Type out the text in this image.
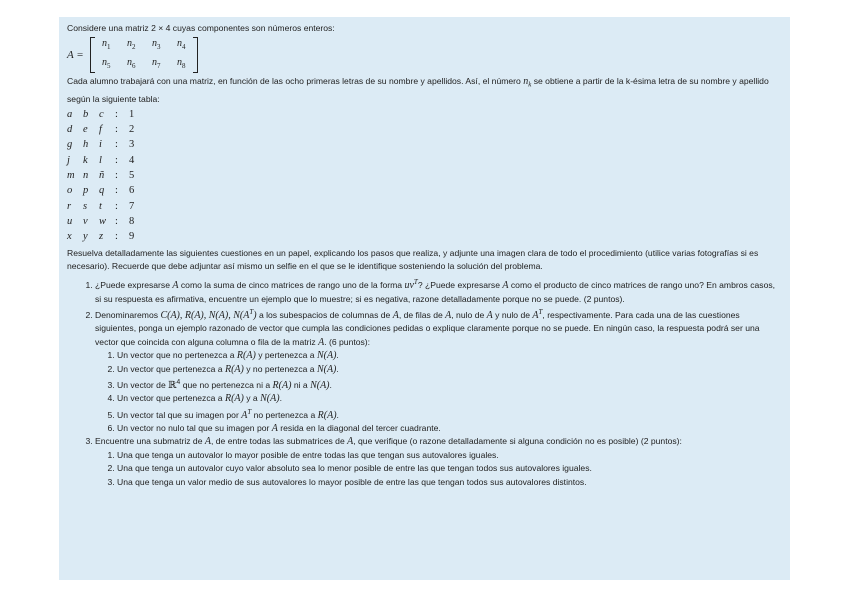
Considere una matriz 2 × 4 cuyas componentes son números enteros:

A =
$n_1$	$n_2$	$n_3$	$n_4$
$n_5$	$n_6$	$n_7$	$n_8$

Cada alumno trabajará con una matriz, en función de las ocho primeras letras de su nombre y apellidos. Así, el número $n_k$ se obtiene a partir de la k-ésima letra de su nombre y apellido según la siguiente tabla:

a	b	c	:	1
d	e	f	:	2
g	h	i	:	3
j	k	l	:	4
m	n	ñ	:	5
o	p	q	:	6
r	s	t	:	7
u	v	w	:	8
x	y	z	:	9

Resuelva detalladamente las siguientes cuestiones en un papel, explicando los pasos que realiza, y adjunte una imagen clara de todo el procedimiento (utilice varias fotografías si es necesario). Recuerde que debe adjuntar así mismo un selfie en el que se le identifique sosteniendo la solución del problema.

1. ¿Puede expresarse A como la suma de cinco matrices de rango uno de la forma $uv^T$? ¿Puede expresarse A como el producto de cinco matrices de rango uno? En ambros casos, si su respuesta es afirmativa, encuentre un ejemplo que lo muestre; si es negativa, razone detalladamente porque no se puede. (2 puntos).
2. Denominaremos C(A), R(A), N(A), $N(A^T)$ a los subespacios de columnas de A, de filas de A, nulo de A y nulo de $A^T$, respectivamente. Para cada una de las cuestiones siguientes, ponga un ejemplo razonado de vector que cumpla las condiciones pedidas o explique claramente porque no se puede. En ningún caso, la respuesta podrá ser una vector que coincida con alguna columna o fila de la matriz A. (6 puntos):
1. Un vector que no pertenezca a R(A) y pertenezca a N(A).
2. Un vector que pertenezca a R(A) y no pertenezca a N(A).
3. Un vector de ℝ$^4$ que no pertenezca ni a R(A) ni a N(A).
4. Un vector que pertenezca a R(A) y a N(A).
5. Un vector tal que su imagen por $A^T$ no pertenezca a R(A).
6. Un vector no nulo tal que su imagen por A resida en la diagonal del tercer cuadrante.
3. Encuentre una submatriz de A, de entre todas las submatrices de A, que verifique (o razone detalladamente si alguna condición no es posible) (2 puntos):
1. Una que tenga un autovalor lo mayor posible de entre todas las que tengan sus autovalores iguales.
2. Una que tenga un autovalor cuyo valor absoluto sea lo menor posible de entre las que tengan todos sus autovalores iguales.
3. Una que tenga un valor medio de sus autovalores lo mayor posible de entre las que tengan todos sus autovalores distintos.
